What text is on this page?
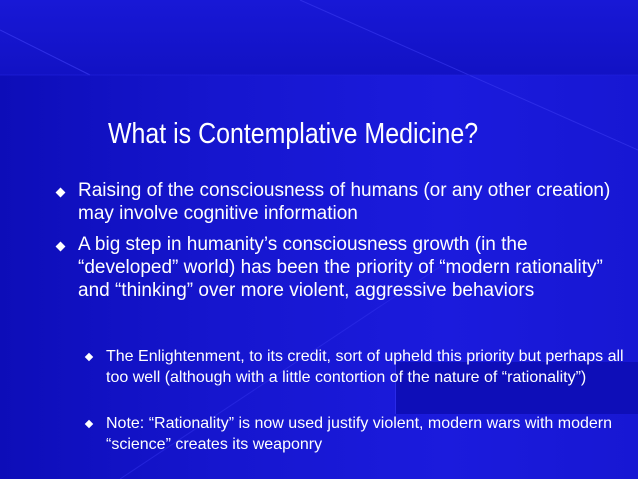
What is Contemplative Medicine?
Raising of the consciousness of humans (or any other creation) may involve cognitive information
A big step in humanity’s consciousness growth (in the “developed” world) has been the priority of “modern rationality” and “thinking” over more violent, aggressive behaviors
The Enlightenment, to its credit, sort of upheld this priority but perhaps all too well (although with a little contortion of the nature of “rationality”)
Note: “Rationality” is now used justify violent, modern wars with modern “science” creates its weaponry
